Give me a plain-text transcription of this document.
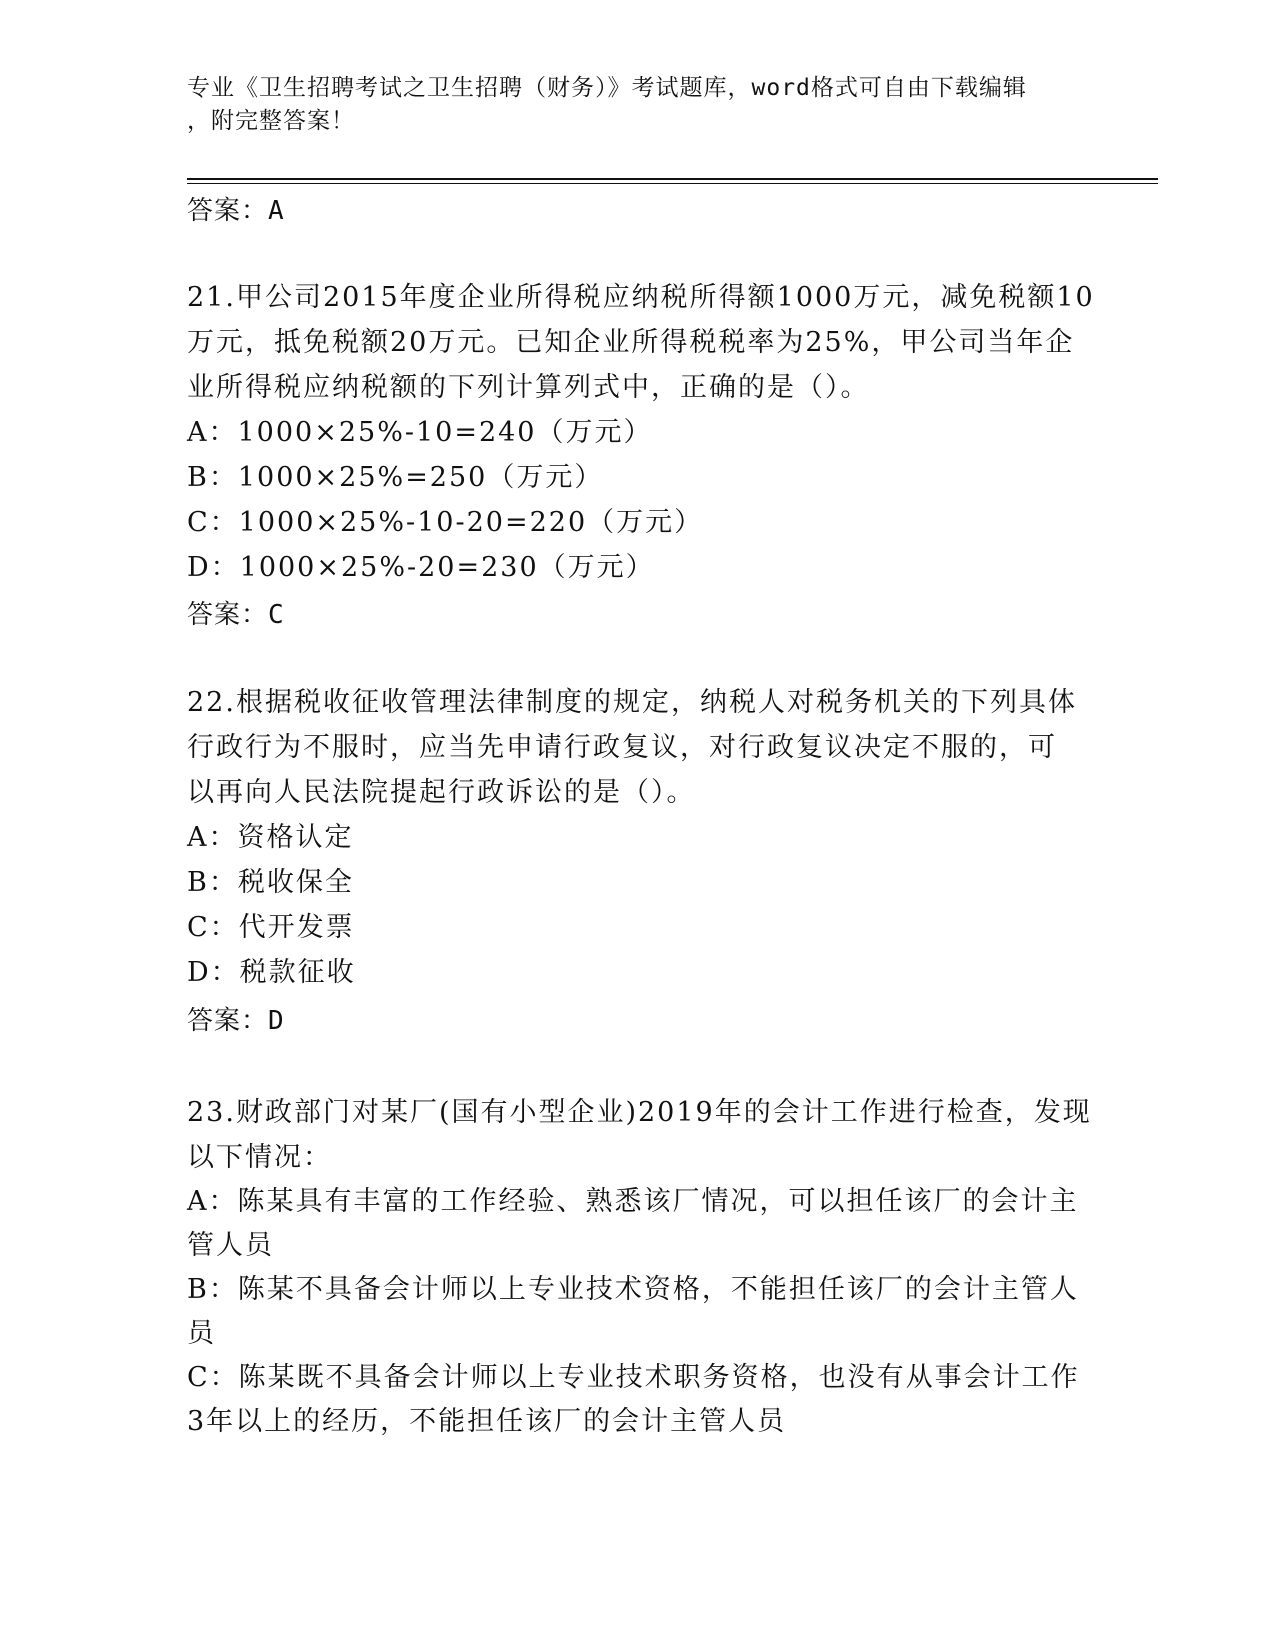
专业《卫生招聘考试之卫生招聘（财务）》考试题库，word格式可自由下载编辑
，附完整答案！
答案：A
21.甲公司2015年度企业所得税应纳税所得额1000万元，减免税额10
万元，抵免税额20万元。已知企业所得税税率为25%，甲公司当年企
业所得税应纳税额的下列计算列式中，正确的是（）。
A：1000×25%-10=240（万元）
B：1000×25%=250（万元）
C：1000×25%-10-20=220（万元）
D：1000×25%-20=230（万元）
答案：C
22.根据税收征收管理法律制度的规定，纳税人对税务机关的下列具体
行政行为不服时，应当先申请行政复议，对行政复议决定不服的，可
以再向人民法院提起行政诉讼的是（）。
A：资格认定
B：税收保全
C：代开发票
D：税款征收
答案：D
23.财政部门对某厂(国有小型企业)2019年的会计工作进行检查，发现
以下情况：
A：陈某具有丰富的工作经验、熟悉该厂情况，可以担任该厂的会计主
管人员
B：陈某不具备会计师以上专业技术资格，不能担任该厂的会计主管人
员
C：陈某既不具备会计师以上专业技术职务资格，也没有从事会计工作
3年以上的经历，不能担任该厂的会计主管人员
